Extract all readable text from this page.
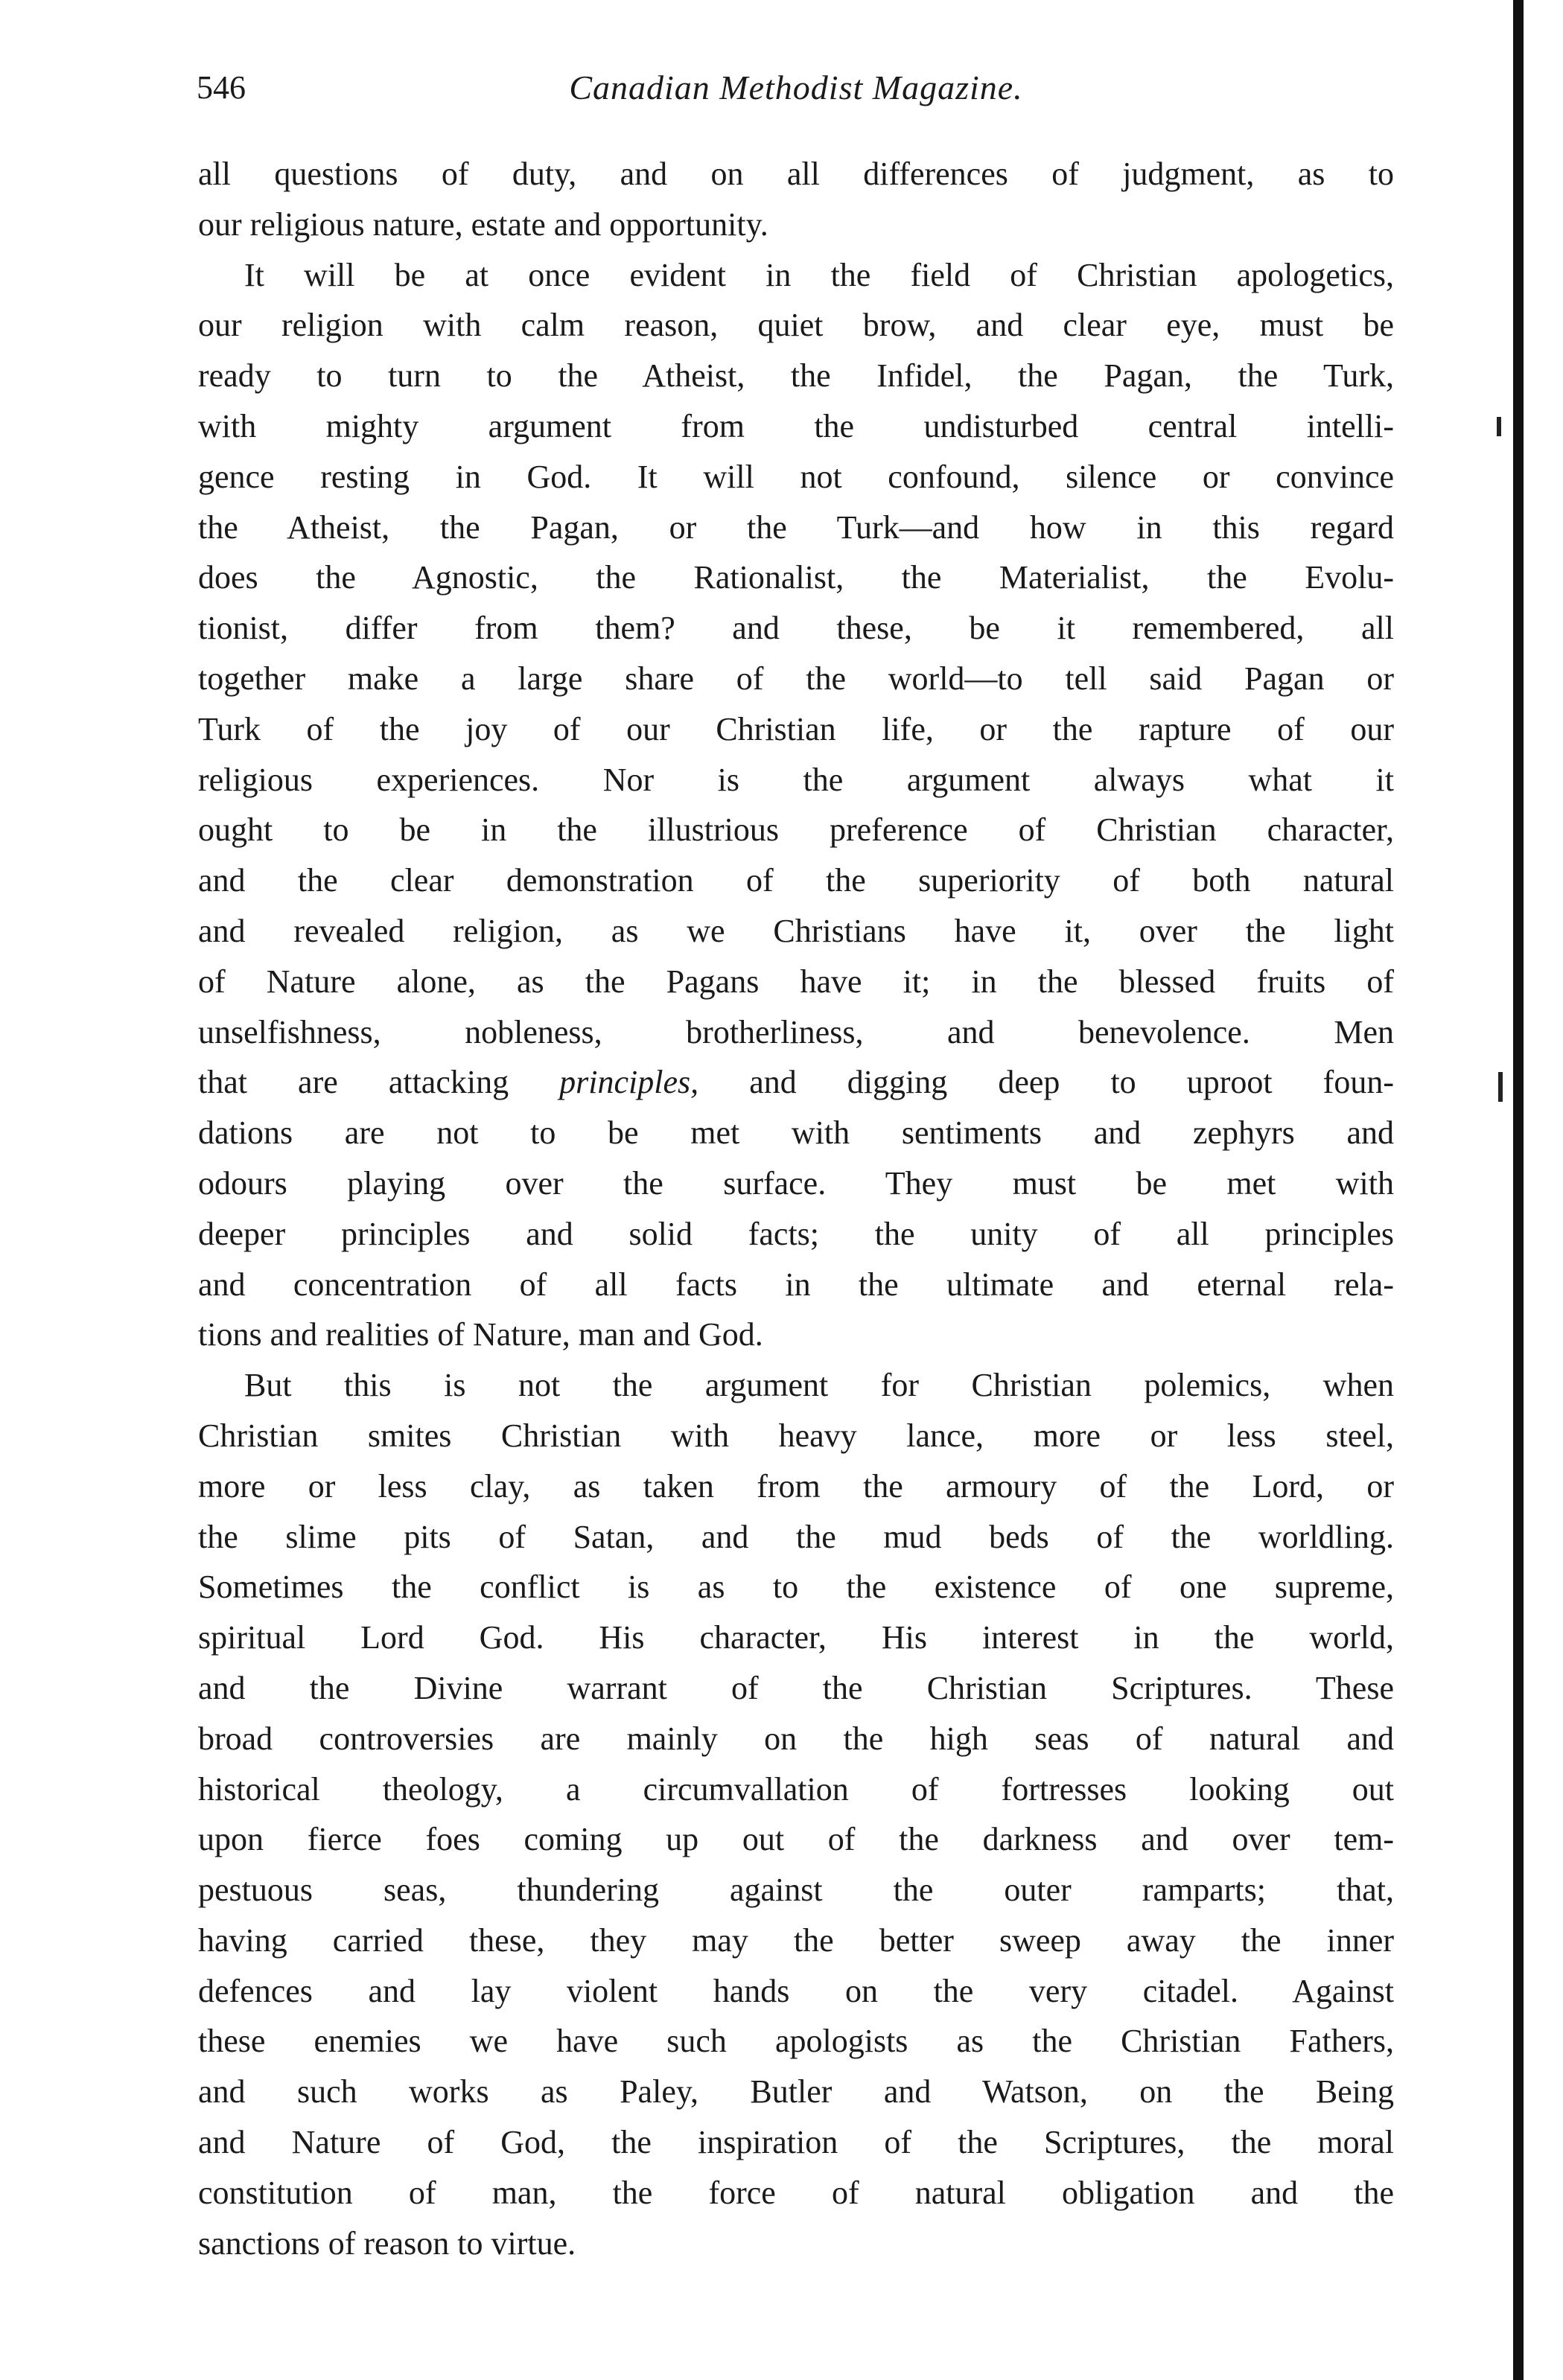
546	Canadian Methodist Magazine.
all questions of duty, and on all differences of judgment, as to
our religious nature, estate and opportunity.
It will be at once evident in the field of Christian apologetics,
our religion with calm reason, quiet brow, and clear eye, must be
ready to turn to the Atheist, the Infidel, the Pagan, the Turk,
with mighty argument from the undisturbed central intelli-
gence resting in God. It will not confound, silence or convince
the Atheist, the Pagan, or the Turk—and how in this regard
does the Agnostic, the Rationalist, the Materialist, the Evolu-
tionist, differ from them? and these, be it remembered, all
together make a large share of the world—to tell said Pagan or
Turk of the joy of our Christian life, or the rapture of our
religious experiences. Nor is the argument always what it
ought to be in the illustrious preference of Christian character,
and the clear demonstration of the superiority of both natural
and revealed religion, as we Christians have it, over the light
of Nature alone, as the Pagans have it; in the blessed fruits of
unselfishness, nobleness, brotherliness, and benevolence. Men
that are attacking principles, and digging deep to uproot foun-
dations are not to be met with sentiments and zephyrs and
odours playing over the surface. They must be met with
deeper principles and solid facts; the unity of all principles
and concentration of all facts in the ultimate and eternal rela-
tions and realities of Nature, man and God.
But this is not the argument for Christian polemics, when
Christian smites Christian with heavy lance, more or less steel,
more or less clay, as taken from the armoury of the Lord, or
the slime pits of Satan, and the mud beds of the worldling.
Sometimes the conflict is as to the existence of one supreme,
spiritual Lord God. His character, His interest in the world,
and the Divine warrant of the Christian Scriptures. These
broad controversies are mainly on the high seas of natural and
historical theology, a circumvallation of fortresses looking out
upon fierce foes coming up out of the darkness and over tem-
pestuous seas, thundering against the outer ramparts; that,
having carried these, they may the better sweep away the inner
defences and lay violent hands on the very citadel. Against
these enemies we have such apologists as the Christian Fathers,
and such works as Paley, Butler and Watson, on the Being
and Nature of God, the inspiration of the Scriptures, the moral
constitution of man, the force of natural obligation and the
sanctions of reason to virtue.
